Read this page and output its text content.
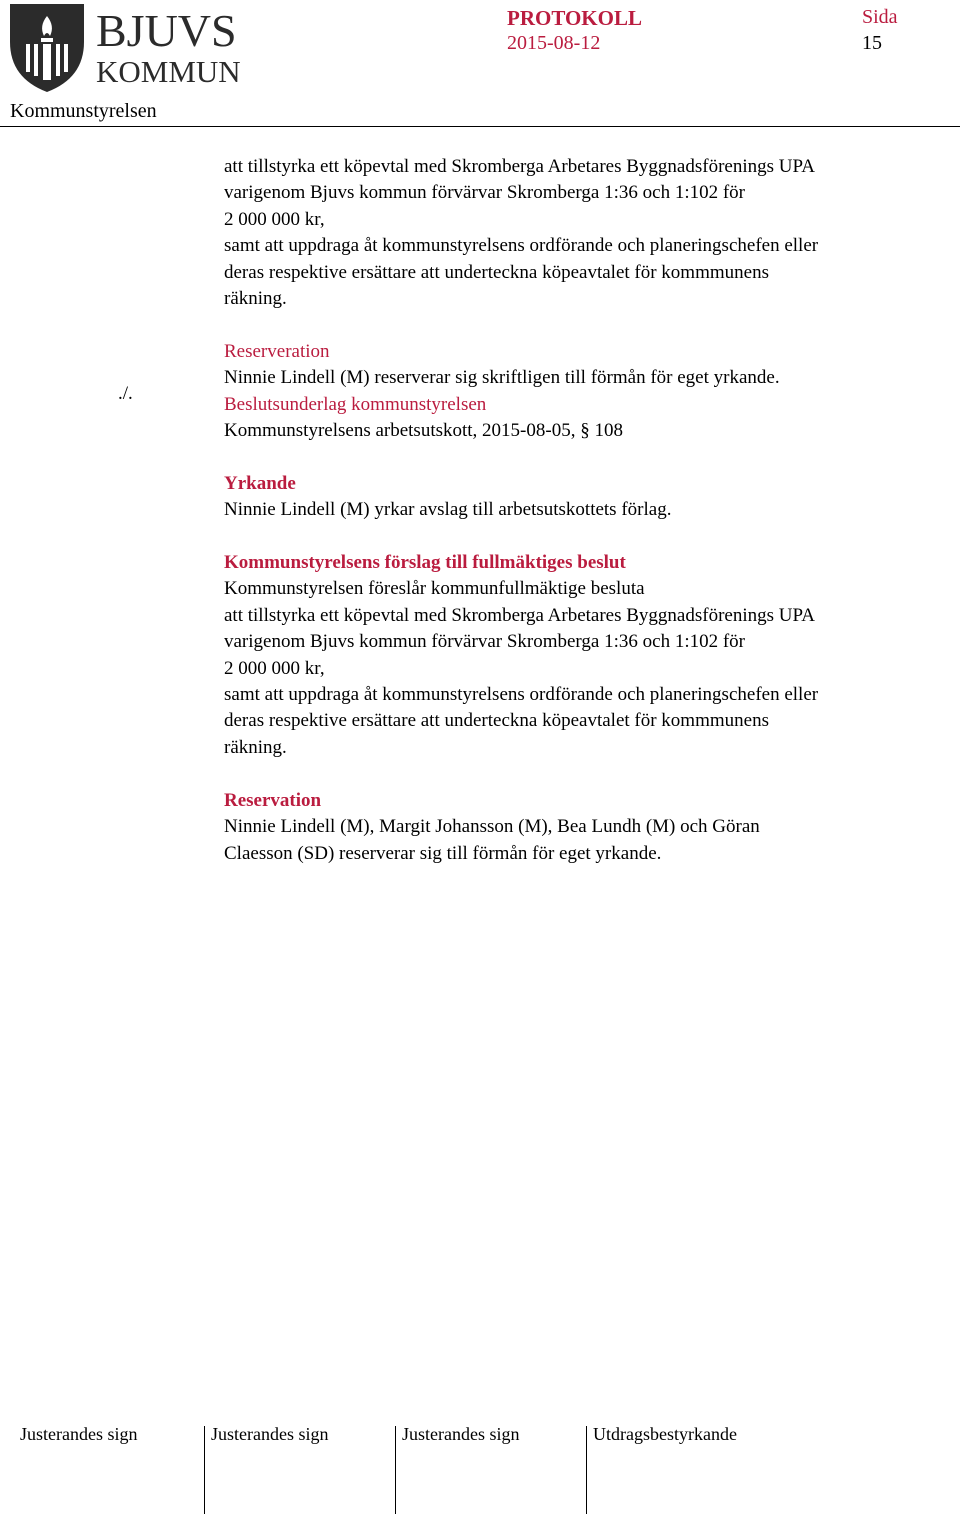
BJUVS
KOMMUN
Kommunstyrelsen
PROTOKOLL
2015-08-12
Sida
15
./.

att tillstyrka ett köpevtal med Skromberga Arbetares Byggnadsförenings UPA

varigenom Bjuvs kommun förvärvar Skromberga 1:36 och 1:102 för

2 000 000 kr,

samt att uppdraga åt kommunstyrelsens ordförande och planeringschefen eller

deras respektive ersättare att underteckna köpeavtalet för kommmunens

räkning.

Reserveration

Ninnie Lindell (M) reserverar sig skriftligen till förmån för eget yrkande.

Beslutsunderlag kommunstyrelsen

Kommunstyrelsens arbetsutskott, 2015-08-05, § 108

Yrkande

Ninnie Lindell (M) yrkar avslag till arbetsutskottets förlag.

Kommunstyrelsens förslag till fullmäktiges beslut

Kommunstyrelsen föreslår kommunfullmäktige besluta

att tillstyrka ett köpevtal med Skromberga Arbetares Byggnadsförenings UPA

varigenom Bjuvs kommun förvärvar Skromberga 1:36 och 1:102 för

2 000 000 kr,

samt att uppdraga åt kommunstyrelsens ordförande och planeringschefen eller

deras respektive ersättare att underteckna köpeavtalet för kommmunens

räkning.

Reservation

Ninnie Lindell (M), Margit Johansson (M), Bea Lundh (M) och Göran

Claesson (SD) reserverar sig till förmån för eget yrkande.

Justerandes sign	Justerandes sign	Justerandes sign	Utdragsbestyrkande
